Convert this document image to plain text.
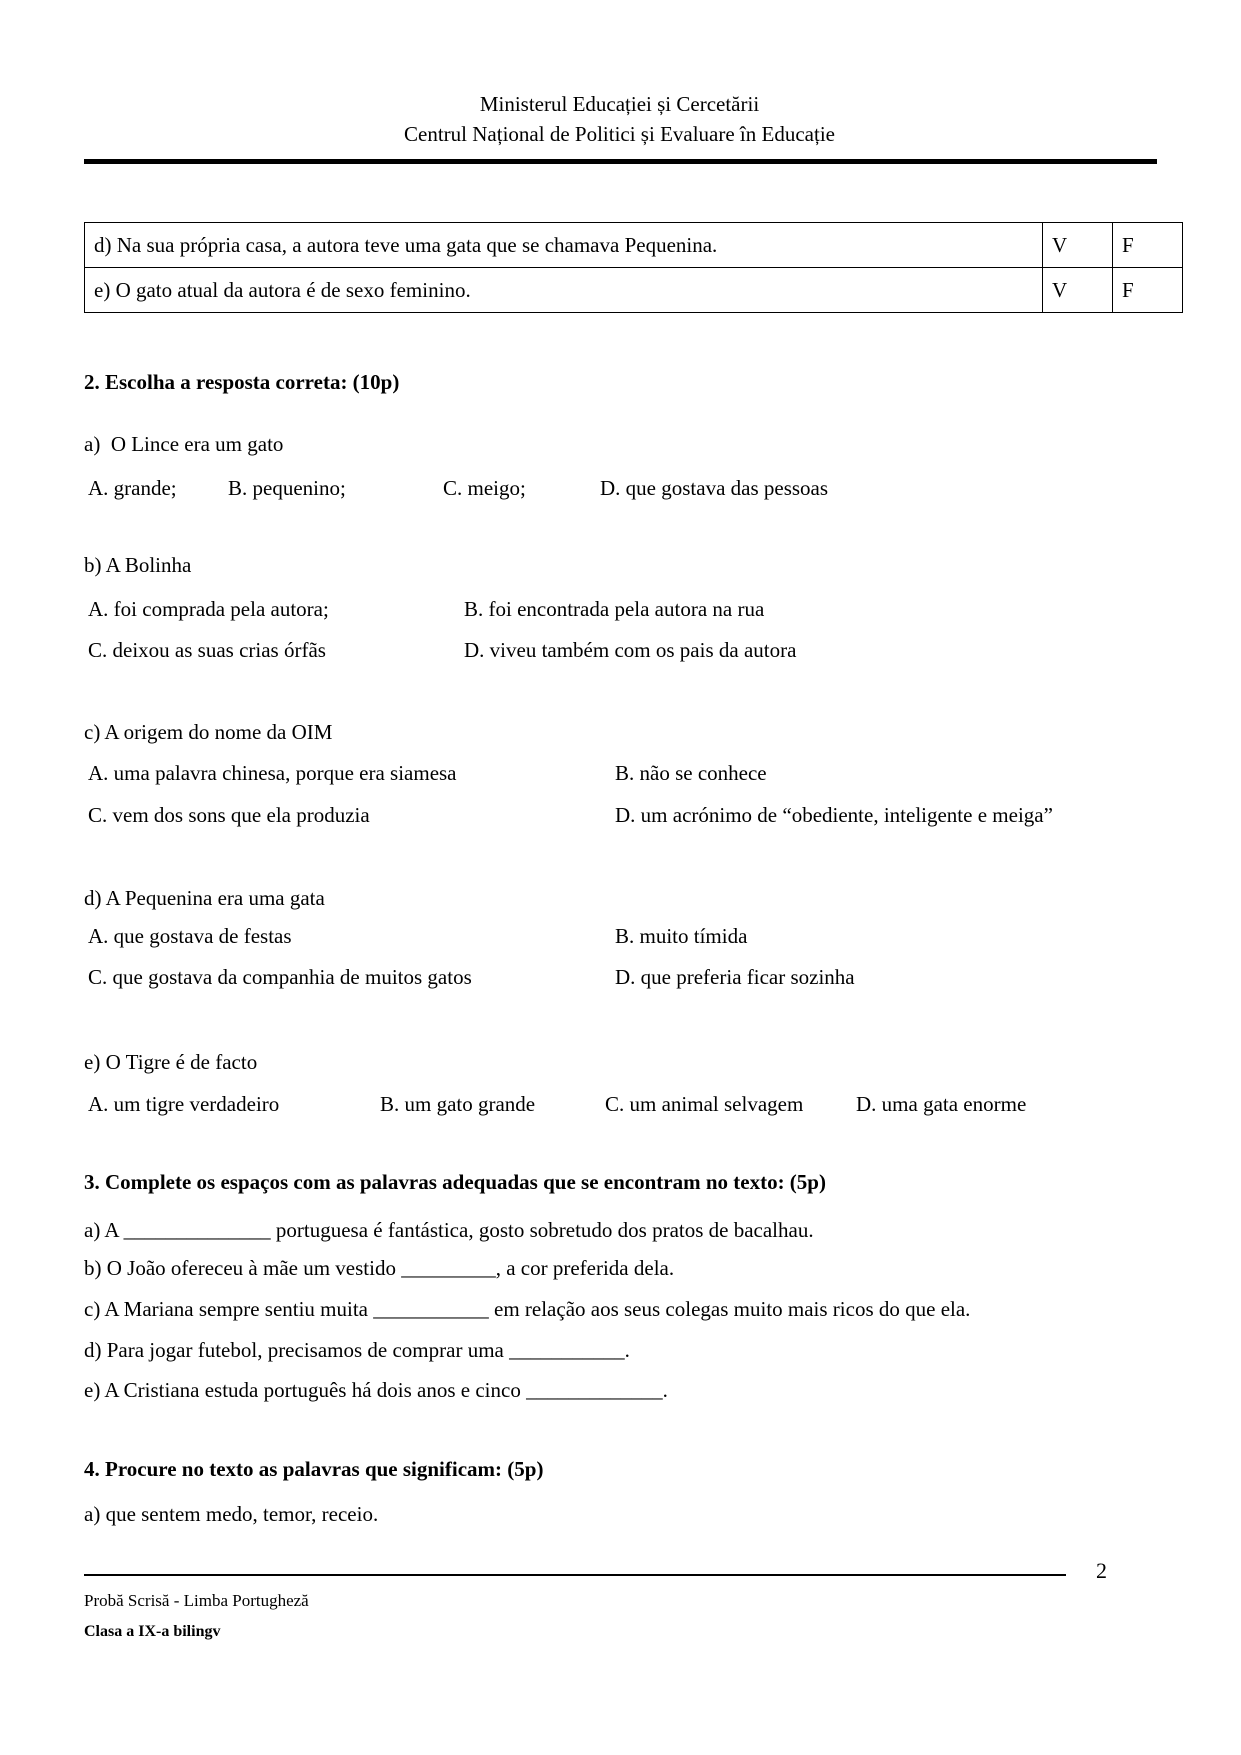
Ministerul Educației și Cercetării
Centrul Național de Politici și Evaluare în Educație
d) Na sua própria casa, a autora teve uma gata que se chamava Pequenina.	V	F
e) O gato atual da autora é de sexo feminino.	V	F
2. Escolha a resposta correta: (10p)
a)  O Lince era um gato
A. grande; B. pequenino;	C. meigo;	D. que gostava das pessoas
b) A Bolinha
A. foi comprada pela autora;	B. foi encontrada pela autora na rua
C. deixou as suas crias órfãs	D. viveu também com os pais da autora
c) A origem do nome da OIM
A. uma palavra chinesa, porque era siamesa	B. não se conhece
C. vem dos sons que ela produzia	D. um acrónimo de “obediente, inteligente e meiga”
d) A Pequenina era uma gata
A. que gostava de festas	B. muito tímida
C. que gostava da companhia de muitos gatos	D. que preferia ficar sozinha
e) O Tigre é de facto
A. um tigre verdadeiro	B. um gato grande	C. um animal selvagem	D. uma gata enorme
3. Complete os espaços com as palavras adequadas que se encontram no texto: (5p)
a) A ______________ portuguesa é fantástica, gosto sobretudo dos pratos de bacalhau.
b) O João ofereceu à mãe um vestido _________, a cor preferida dela.
c) A Mariana sempre sentiu muita ___________ em relação aos seus colegas muito mais ricos do que ela.
d) Para jogar futebol, precisamos de comprar uma ___________.
e) A Cristiana estuda português há dois anos e cinco _____________.
4. Procure no texto as palavras que significam: (5p)
a) que sentem medo, temor, receio.
2
Probă Scrisă - Limba Portugheză
Clasa a IX-a bilingv
